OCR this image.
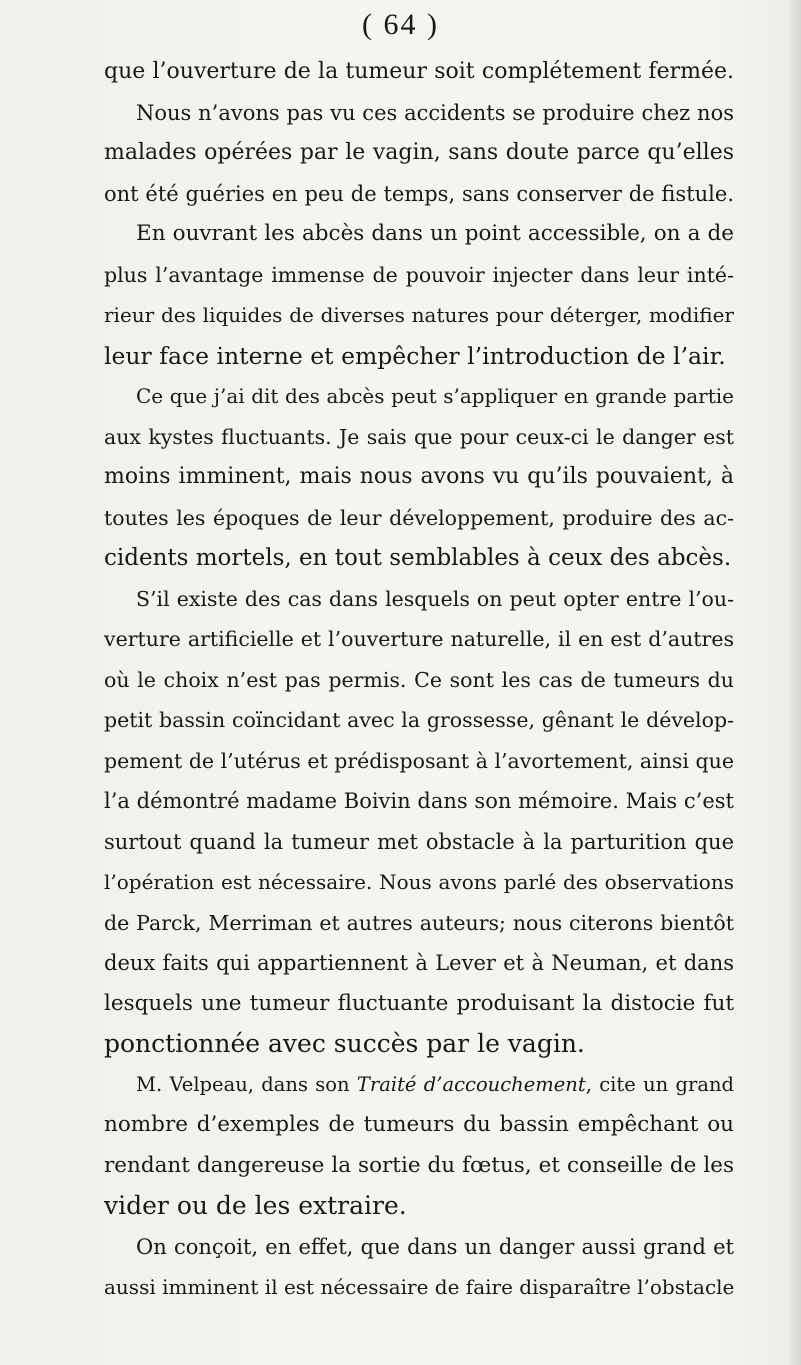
( 64 )
que l’ouverture de la tumeur soit complétement fermée.
Nous n’avons pas vu ces accidents se produire chez nos
malades opérées par le vagin, sans doute parce qu’elles
ont été guéries en peu de temps, sans conserver de fistule.
En ouvrant les abcès dans un point accessible, on a de
plus l’avantage immense de pouvoir injecter dans leur inté-
rieur des liquides de diverses natures pour déterger, modifier
leur face interne et empêcher l’introduction de l’air.
Ce que j’ai dit des abcès peut s’appliquer en grande partie
aux kystes fluctuants. Je sais que pour ceux-ci le danger est
moins imminent, mais nous avons vu qu’ils pouvaient, à
toutes les époques de leur développement, produire des ac-
cidents mortels, en tout semblables à ceux des abcès.
S’il existe des cas dans lesquels on peut opter entre l’ou-
verture artificielle et l’ouverture naturelle, il en est d’autres
où le choix n’est pas permis. Ce sont les cas de tumeurs du
petit bassin coïncidant avec la grossesse, gênant le dévelop-
pement de l’utérus et prédisposant à l’avortement, ainsi que
l’a démontré madame Boivin dans son mémoire. Mais c’est
surtout quand la tumeur met obstacle à la parturition que
l’opération est nécessaire. Nous avons parlé des observations
de Parck, Merriman et autres auteurs; nous citerons bientôt
deux faits qui appartiennent à Lever et à Neuman, et dans
lesquels une tumeur fluctuante produisant la distocie fut
ponctionnée avec succès par le vagin.
M. Velpeau, dans son Traité d’accouchement, cite un grand
nombre d’exemples de tumeurs du bassin empêchant ou
rendant dangereuse la sortie du fœtus, et conseille de les
vider ou de les extraire.
On conçoit, en effet, que dans un danger aussi grand et
aussi imminent il est nécessaire de faire disparaître l’obstacle
